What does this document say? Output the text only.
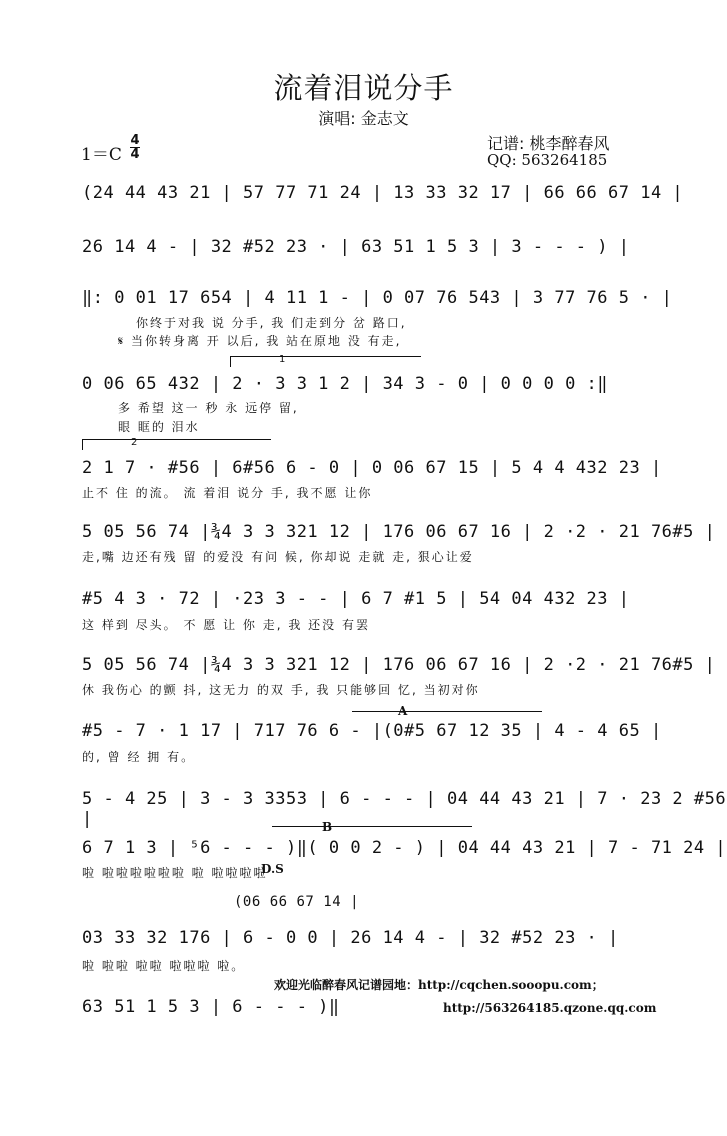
流着泪说分手
演唱: 金志文
1＝C
4
4
记谱: 桃李醉春风
QQ: 563264185
(24 44 43 21 | 57 77 71 24 | 13 33 32 17 | 66 66 67 14 |
26 14 4 - | 32 #52 23 · | 63 51 1 5 3 | 3 - - - ) |
‖: 0 01 17 654 | 4 11 1 - | 0 07 76 543 | 3 77 76 5 · |
你终于对我 说 分手, 我 们走到分 岔 路口,
𝄋 当你转身离 开 以后, 我 站在原地 没 有走,
1
0 06 65 432 | 2 · 3 3 1 2 | 34 3 - 0 | 0 0 0 0 :‖
多 希望 这一 秒 永 远停 留,
眼 眶的 泪水
2
2 1 7 · #56 | 6#56 6 - 0 | 0 06 67 15 | 5 4 4 432 23 |
止不 住 的流。 流 着泪 说分 手, 我不愿 让你
5 05 56 74 |¾4 3 3 321 12 | 176 06 67 16 | 2 ·2 · 21 76#5 |
走,嘴 边还有残 留 的爱没 有问 候, 你却说 走就 走, 狠心让爱
#5 4 3 · 72 | ·23 3 - - | 6 7 #1 5 | 54 04 432 23 |
这 样到 尽头。 不 愿 让 你 走, 我 还没 有罢
5 05 56 74 |¾4 3 3 321 12 | 176 06 67 16 | 2 ·2 · 21 76#5 |
休 我伤心 的颤 抖, 这无力 的双 手, 我 只能够回 忆, 当初对你
A
#5 - 7 · 1 17 | 717 76 6 - |(0#5 67 12 35 | 4 - 4 65 |
的, 曾 经 拥 有。
5 - 4 25 | 3 - 3 3353 | 6 - - - | 04 44 43 21 | 7 · 23 2 #56 |	B
6 7 1 3 | ⁵6 - - - )‖( 0 0 2 - ) | 04 44 43 21 | 7 - 71 24 |
D.S
啦 啦啦啦啦啦啦 啦 啦啦啦啦
(06 66 67 14 |
03 33 32 176 | 6 - 0 0 | 26 14 4 - | 32 #52 23 · |
啦 啦啦 啦啦 啦啦啦 啦。
欢迎光临醉春风记谱园地：http://cqchen.sooopu.com；
63 51 1 5 3 | 6 - - - )‖	http://563264185.qzone.qq.com
